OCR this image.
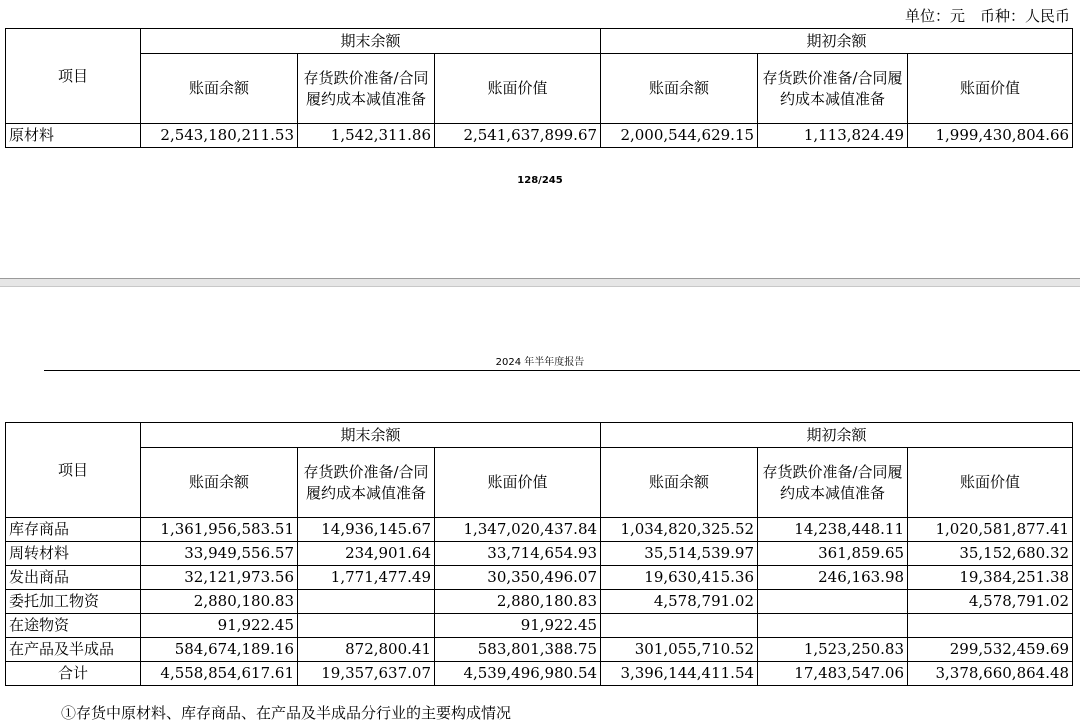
单位：元　币种：人民币
项目	期末余额			期初余额		
	账面余额	存货跌价准备/合同履约成本减值准备	账面价值	账面余额	存货跌价准备/合同履约成本减值准备	账面价值
原材料	2,543,180,211.53	1,542,311.86	2,541,637,899.67	2,000,544,629.15	1,113,824.49	1,999,430,804.66
128/245
2024 年半年度报告
项目	期末余额			期初余额		
	账面余额	存货跌价准备/合同履约成本减值准备	账面价值	账面余额	存货跌价准备/合同履约成本减值准备	账面价值
库存商品	1,361,956,583.51	14,936,145.67	1,347,020,437.84	1,034,820,325.52	14,238,448.11	1,020,581,877.41
周转材料	33,949,556.57	234,901.64	33,714,654.93	35,514,539.97	361,859.65	35,152,680.32
发出商品	32,121,973.56	1,771,477.49	30,350,496.07	19,630,415.36	246,163.98	19,384,251.38
委托加工物资	2,880,180.83		2,880,180.83	4,578,791.02		4,578,791.02
在途物资	91,922.45		91,922.45			
在产品及半成品	584,674,189.16	872,800.41	583,801,388.75	301,055,710.52	1,523,250.83	299,532,459.69
合计	4,558,854,617.61	19,357,637.07	4,539,496,980.54	3,396,144,411.54	17,483,547.06	3,378,660,864.48
①存货中原材料、库存商品、在产品及半成品分行业的主要构成情况
